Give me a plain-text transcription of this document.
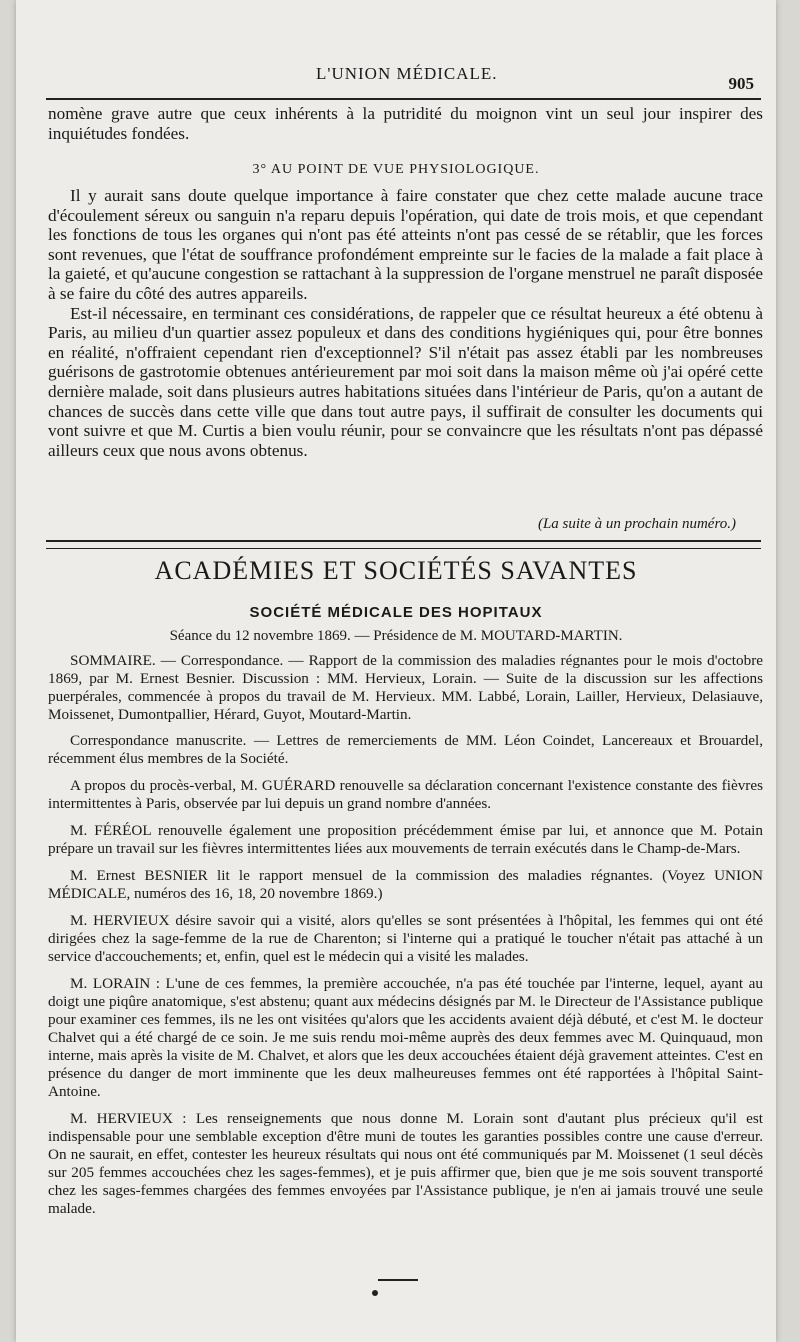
L'UNION MÉDICALE.
905

nomène grave autre que ceux inhérents à la putridité du moignon vint un seul jour inspirer des inquiétudes fondées.

3° AU POINT DE VUE PHYSIOLOGIQUE.

Il y aurait sans doute quelque importance à faire constater que chez cette malade aucune trace d'écoulement séreux ou sanguin n'a reparu depuis l'opération, qui date de trois mois, et que cependant les fonctions de tous les organes qui n'ont pas été atteints n'ont pas cessé de se rétablir, que les forces sont revenues, que l'état de souffrance profondément empreinte sur le facies de la malade a fait place à la gaieté, et qu'aucune congestion se rattachant à la suppression de l'organe menstruel ne paraît disposée à se faire du côté des autres appareils.

Est-il nécessaire, en terminant ces considérations, de rappeler que ce résultat heureux a été obtenu à Paris, au milieu d'un quartier assez populeux et dans des conditions hygiéniques qui, pour être bonnes en réalité, n'offraient cependant rien d'exceptionnel? S'il n'était pas assez établi par les nombreuses guérisons de gastrotomie obtenues antérieurement par moi soit dans la maison même où j'ai opéré cette dernière malade, soit dans plusieurs autres habitations situées dans l'intérieur de Paris, qu'on a autant de chances de succès dans cette ville que dans tout autre pays, il suffirait de consulter les documents qui vont suivre et que M. Curtis a bien voulu réunir, pour se convaincre que les résultats n'ont pas dépassé ailleurs ceux que nous avons obtenus.

(La suite à un prochain numéro.)
ACADÉMIES ET SOCIÉTÉS SAVANTES
SOCIÉTÉ MÉDICALE DES HOPITAUX
Séance du 12 novembre 1869. — Présidence de M. MOUTARD-MARTIN.

SOMMAIRE. — Correspondance. — Rapport de la commission des maladies régnantes pour le mois d'octobre 1869, par M. Ernest Besnier. Discussion : MM. Hervieux, Lorain. — Suite de la discussion sur les affections puerpérales, commencée à propos du travail de M. Hervieux. MM. Labbé, Lorain, Lailler, Hervieux, Delasiauve, Moissenet, Dumontpallier, Hérard, Guyot, Moutard-Martin.

Correspondance manuscrite. — Lettres de remerciements de MM. Léon Coindet, Lancereaux et Brouardel, récemment élus membres de la Société.

A propos du procès-verbal, M. GUÉRARD renouvelle sa déclaration concernant l'existence constante des fièvres intermittentes à Paris, observée par lui depuis un grand nombre d'années.

M. FÉRÉOL renouvelle également une proposition précédemment émise par lui, et annonce que M. Potain prépare un travail sur les fièvres intermittentes liées aux mouvements de terrain exécutés dans le Champ-de-Mars.

M. Ernest BESNIER lit le rapport mensuel de la commission des maladies régnantes. (Voyez UNION MÉDICALE, numéros des 16, 18, 20 novembre 1869.)

M. HERVIEUX désire savoir qui a visité, alors qu'elles se sont présentées à l'hôpital, les femmes qui ont été dirigées chez la sage-femme de la rue de Charenton; si l'interne qui a pratiqué le toucher n'était pas attaché à un service d'accouchements; et, enfin, quel est le médecin qui a visité les malades.

M. LORAIN : L'une de ces femmes, la première accouchée, n'a pas été touchée par l'interne, lequel, ayant au doigt une piqûre anatomique, s'est abstenu; quant aux médecins désignés par M. le Directeur de l'Assistance publique pour examiner ces femmes, ils ne les ont visitées qu'alors que les accidents avaient déjà débuté, et c'est M. le docteur Chalvet qui a été chargé de ce soin. Je me suis rendu moi-même auprès des deux femmes avec M. Quinquaud, mon interne, mais après la visite de M. Chalvet, et alors que les deux accouchées étaient déjà gravement atteintes. C'est en présence du danger de mort imminente que les deux malheureuses femmes ont été rapportées à l'hôpital Saint-Antoine.

M. HERVIEUX : Les renseignements que nous donne M. Lorain sont d'autant plus précieux qu'il est indispensable pour une semblable exception d'être muni de toutes les garanties possibles contre une cause d'erreur. On ne saurait, en effet, contester les heureux résultats qui nous ont été communiqués par M. Moissenet (1 seul décès sur 205 femmes accouchées chez les sages-femmes), et je puis affirmer que, bien que je me sois souvent transporté chez les sages-femmes chargées des femmes envoyées par l'Assistance publique, je n'en ai jamais trouvé une seule malade.
